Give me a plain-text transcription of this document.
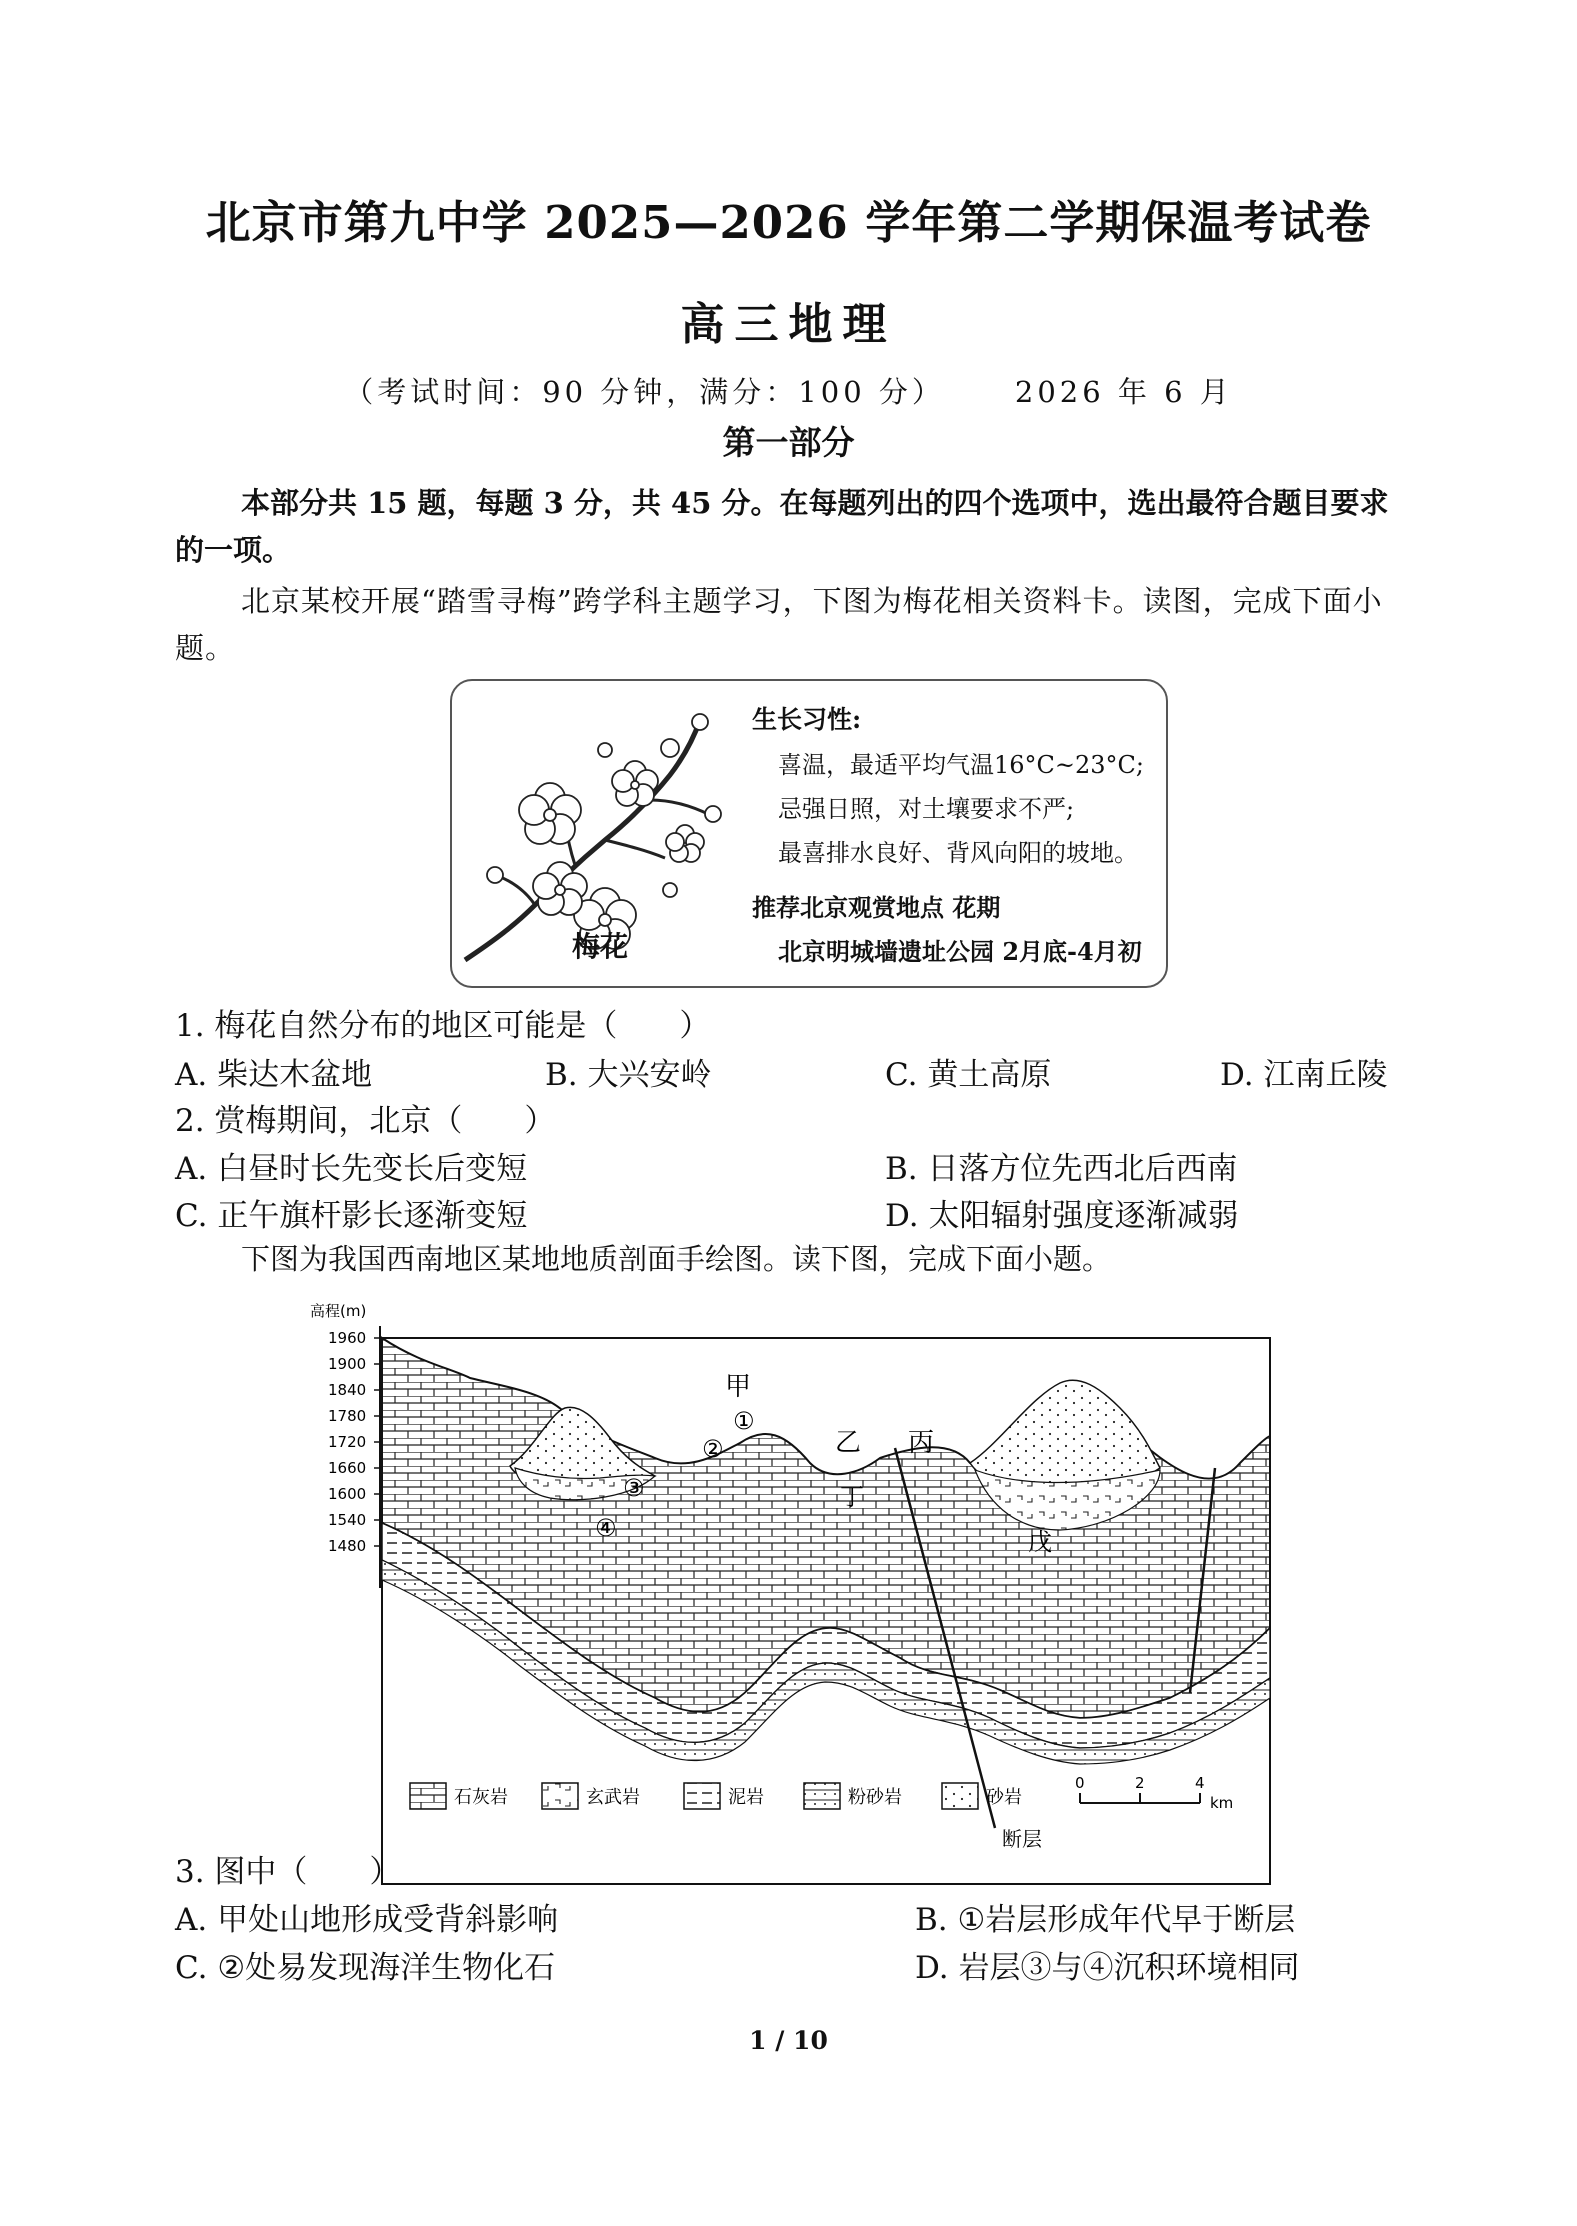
北京市第九中学 2025—2026 学年第二学期保温考试卷
高三地理
（考试时间：90 分钟，满分：100 分） 2026 年 6 月
第一部分
本部分共 15 题，每题 3 分，共 45 分。在每题列出的四个选项中，选出最符合题目要求的一项。
北京某校开展“踏雪寻梅”跨学科主题学习，下图为梅花相关资料卡。读图，完成下面小题。
梅花
生长习性:
喜温，最适平均气温16°C~23°C;
忌强日照，对土壤要求不严;
最喜排水良好、背风向阳的坡地。
推荐北京观赏地点 花期
北京明城墙遗址公园 2月底-4月初
1. 梅花自然分布的地区可能是（　　）
A. 柴达木盆地	B. 大兴安岭	C. 黄土高原	D. 江南丘陵
2. 赏梅期间，北京（　　）
A. 白昼时长先变长后变短	B. 日落方位先西北后西南
C. 正午旗杆影长逐渐变短	D. 太阳辐射强度逐渐减弱
下图为我国西南地区某地地质剖面手绘图。读下图，完成下面小题。
高程(m)
1960
1900
1840
1780
1720
1660
1600
1540
1480
甲
乙 丙
丁
戊
①
②
③
④
断层
石灰岩	玄武岩	泥岩	粉砂岩	砂岩
0	2	4
km
3. 图中（　　）
A. 甲处山地形成受背斜影响	B. ①岩层形成年代早于断层
C. ②处易发现海洋生物化石	D. 岩层③与④沉积环境相同
1 / 10
